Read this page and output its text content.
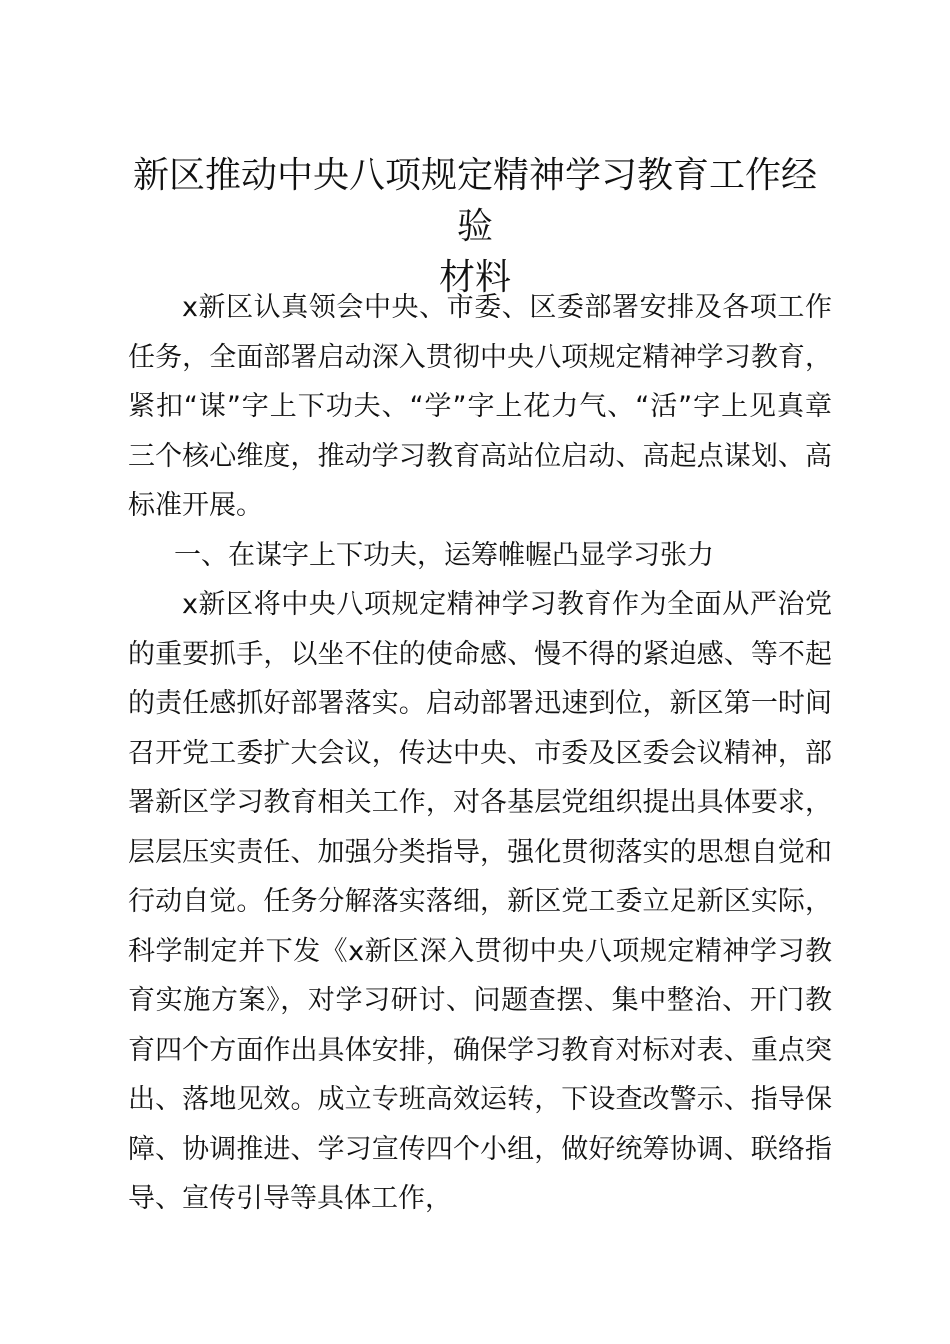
新区推动中央八项规定精神学习教育工作经验
材料

x新区认真领会中央、市委、区委部署安排及各项工作任务，全面部署启动深入贯彻中央八项规定精神学习教育，紧扣“谋”字上下功夫、“学”字上花力气、“活”字上见真章三个核心维度，推动学习教育高站位启动、高起点谋划、高标准开展。

一、在谋字上下功夫，运筹帷幄凸显学习张力

x新区将中央八项规定精神学习教育作为全面从严治党的重要抓手，以坐不住的使命感、慢不得的紧迫感、等不起的责任感抓好部署落实。启动部署迅速到位，新区第一时间召开党工委扩大会议，传达中央、市委及区委会议精神，部署新区学习教育相关工作，对各基层党组织提出具体要求，层层压实责任、加强分类指导，强化贯彻落实的思想自觉和行动自觉。任务分解落实落细，新区党工委立足新区实际，科学制定并下发《x新区深入贯彻中央八项规定精神学习教育实施方案》，对学习研讨、问题查摆、集中整治、开门教育四个方面作出具体安排，确保学习教育对标对表、重点突出、落地见效。成立专班高效运转，下设查改警示、指导保障、协调推进、学习宣传四个小组，做好统筹协调、联络指导、宣传引导等具体工作，
